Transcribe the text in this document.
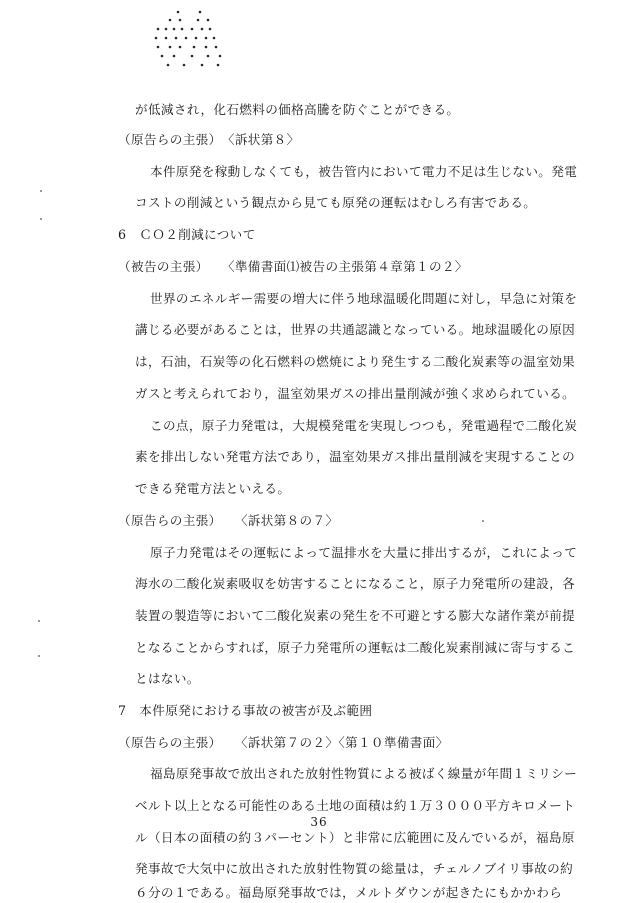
が低減され，化石燃料の価格高騰を防ぐことができる。
（原告らの主張）　〈訴状第８〉
本件原発を稼動しなくても，被告管内において電力不足は生じない。発電
コストの削減という観点から見ても原発の運転はむしろ有害である。
6　ＣＯ２削減について
（被告の主張）　　〈準備書面⑴被告の主張第４章第１の２〉
世界のエネルギー需要の増大に伴う地球温暖化問題に対し，早急に対策を
講じる必要があることは，世界の共通認識となっている。地球温暖化の原因
は，石油，石炭等の化石燃料の燃焼により発生する二酸化炭素等の温室効果
ガスと考えられており，温室効果ガスの排出量削減が強く求められている。
この点，原子力発電は，大規模発電を実現しつつも，発電過程で二酸化炭
素を排出しない発電方法であり，温室効果ガス排出量削減を実現することの
できる発電方法といえる。
（原告らの主張）　　〈訴状第８の７〉
原子力発電はその運転によって温排水を大量に排出するが，これによって
海水の二酸化炭素吸収を妨害することになること，原子力発電所の建設，各
装置の製造等において二酸化炭素の発生を不可避とする膨大な諸作業が前提
となることからすれば，原子力発電所の運転は二酸化炭素削減に寄与するこ
とはない。
7　本件原発における事故の被害が及ぶ範囲
（原告らの主張）　　〈訴状第７の２〉〈第１０準備書面〉
福島原発事故で放出された放射性物質による被ばく線量が年間１ミリシー
ベルト以上となる可能性のある土地の面積は約１万３０００平方キロメート
ル（日本の面積の約３パーセント）と非常に広範囲に及んでいるが，福島原
発事故で大気中に放出された放射性物質の総量は，チェルノブイリ事故の約
６分の１である。福島原発事故では，メルトダウンが起きたにもかかわら
36
